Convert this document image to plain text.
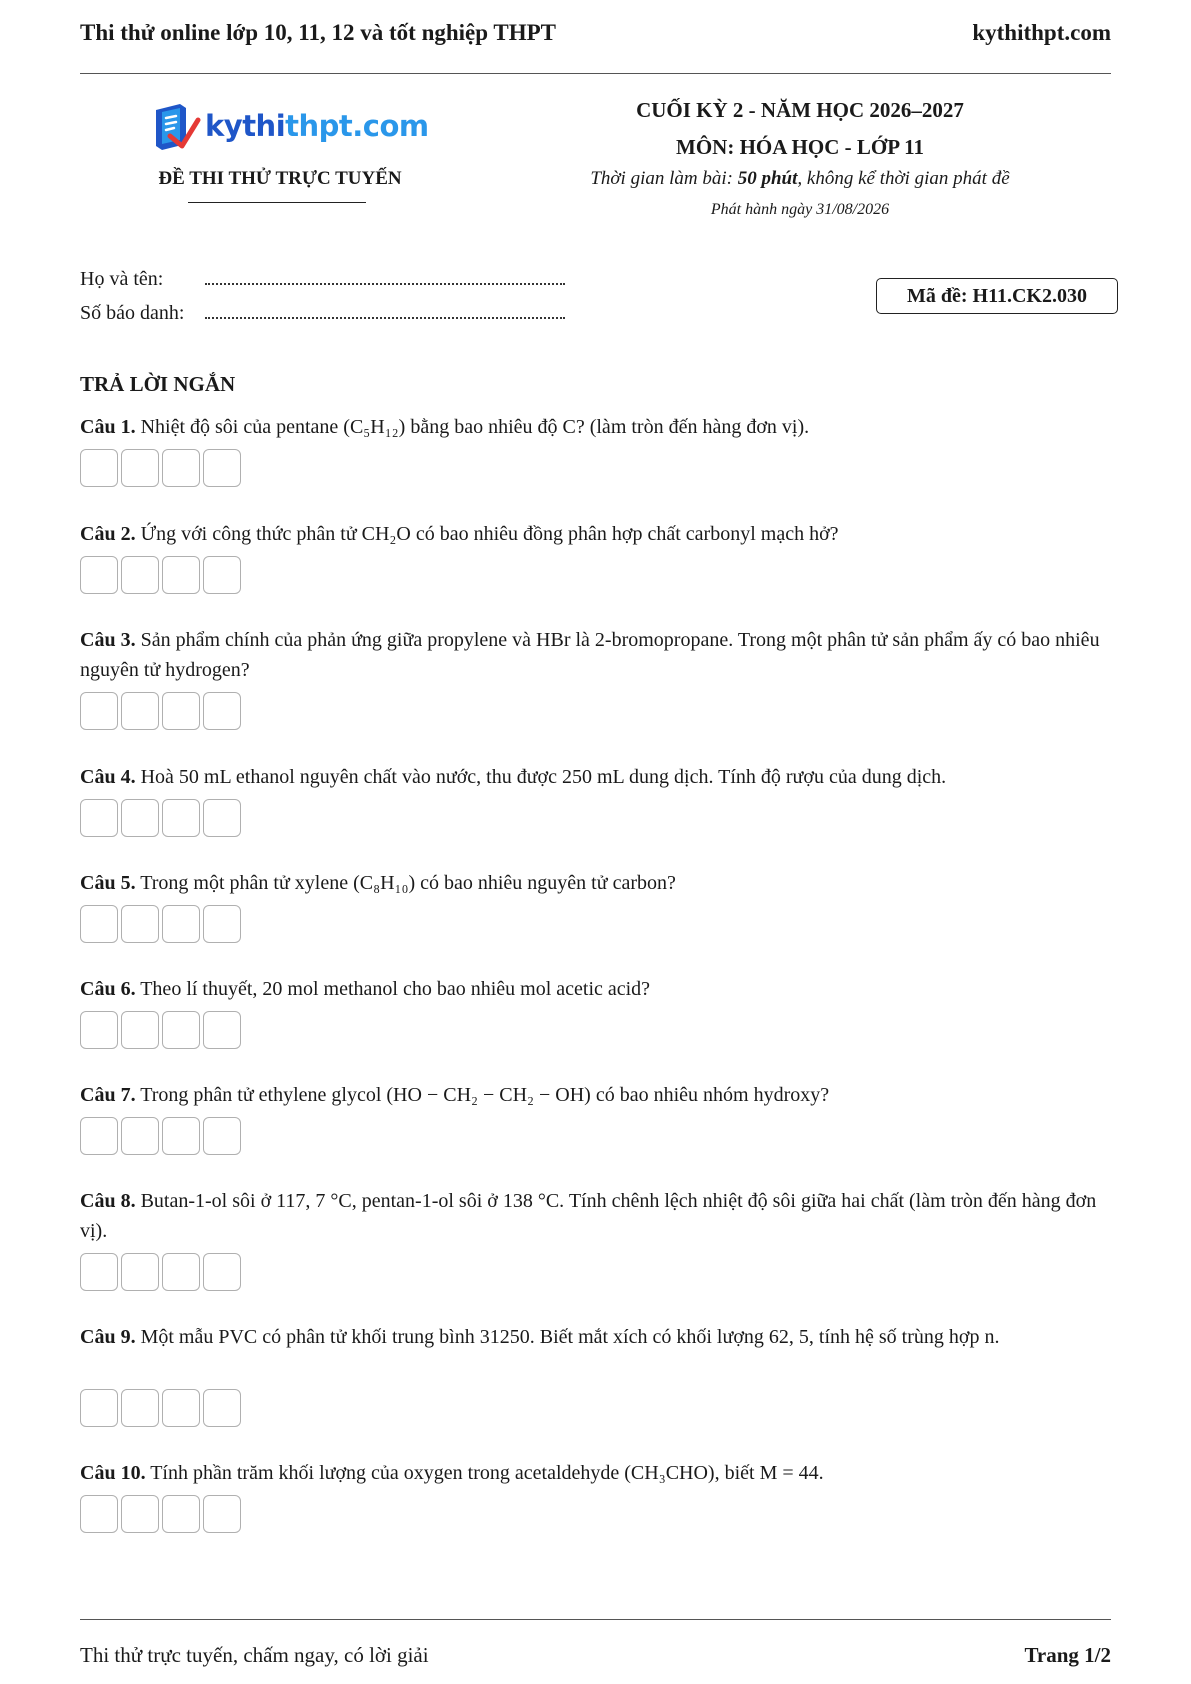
Thi thử online lớp 10, 11, 12 và tốt nghiệp THPT	kythithpt.com
kythithpt.com
ĐỀ THI THỬ TRỰC TUYẾN
CUỐI KỲ 2 - NĂM HỌC 2026–2027
MÔN: HÓA HỌC - LỚP 11
Thời gian làm bài: 50 phút, không kể thời gian phát đề
Phát hành ngày 31/08/2026
Họ và tên:
Số báo danh:
Mã đề: H11.CK2.030
TRẢ LỜI NGẮN
Câu 1. Nhiệt độ sôi của pentane (C₅H₁₂) bằng bao nhiêu độ C? (làm tròn đến hàng đơn vị).
Câu 2. Ứng với công thức phân tử CH₂O có bao nhiêu đồng phân hợp chất carbonyl mạch hở?
Câu 3. Sản phẩm chính của phản ứng giữa propylene và HBr là 2-bromopropane. Trong một phân tử sản phẩm ấy có bao nhiêu nguyên tử hydrogen?
Câu 4. Hoà 50 mL ethanol nguyên chất vào nước, thu được 250 mL dung dịch. Tính độ rượu của dung dịch.
Câu 5. Trong một phân tử xylene (C₈H₁₀) có bao nhiêu nguyên tử carbon?
Câu 6. Theo lí thuyết, 20 mol methanol cho bao nhiêu mol acetic acid?
Câu 7. Trong phân tử ethylene glycol (HO − CH₂ − CH₂ − OH) có bao nhiêu nhóm hydroxy?
Câu 8. Butan-1-ol sôi ở 117, 7 °C, pentan-1-ol sôi ở 138 °C. Tính chênh lệch nhiệt độ sôi giữa hai chất (làm tròn đến hàng đơn vị).
Câu 9. Một mẫu PVC có phân tử khối trung bình 31250. Biết mắt xích có khối lượng 62, 5, tính hệ số trùng hợp n.
Câu 10. Tính phần trăm khối lượng của oxygen trong acetaldehyde (CH₃CHO), biết M = 44.
Thi thử trực tuyến, chấm ngay, có lời giải	Trang 1/2
